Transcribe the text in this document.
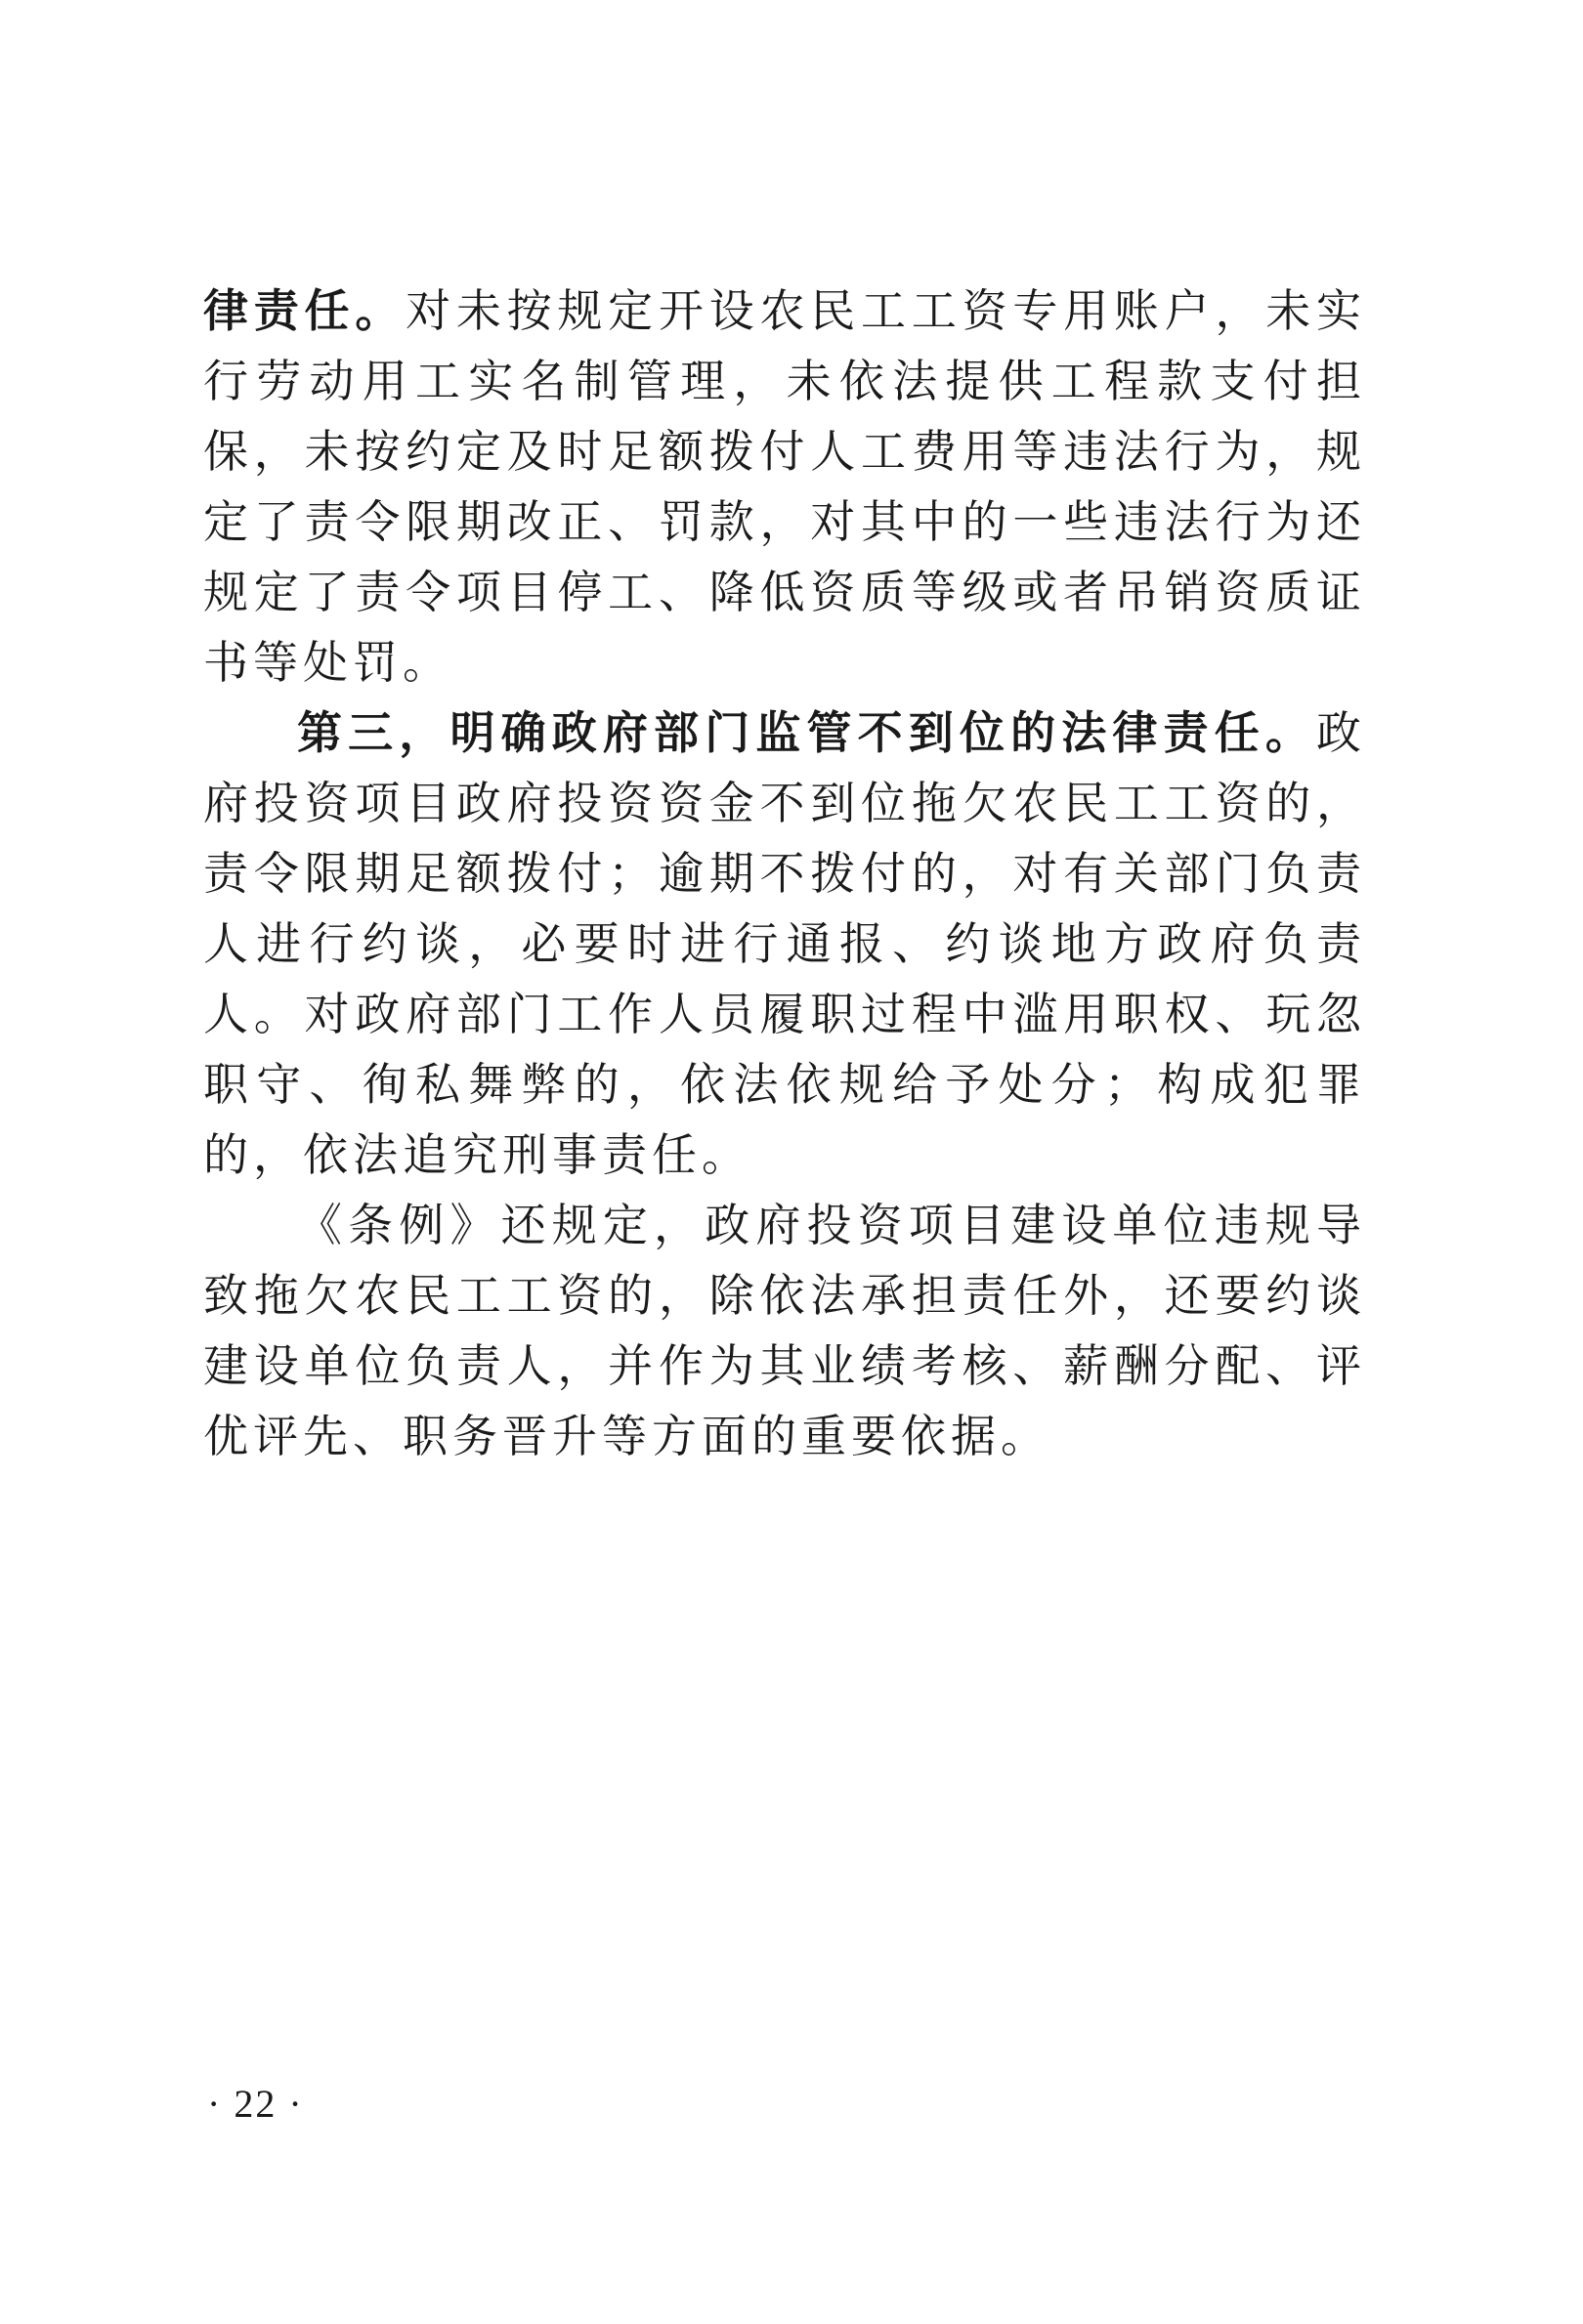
律责任。对未按规定开设农民工工资专用账户，未实行劳动用工实名制管理，未依法提供工程款支付担保，未按约定及时足额拨付人工费用等违法行为，规定了责令限期改正、罚款，对其中的一些违法行为还规定了责令项目停工、降低资质等级或者吊销资质证书等处罚。

第三，明确政府部门监管不到位的法律责任。政府投资项目政府投资资金不到位拖欠农民工工资的，责令限期足额拨付；逾期不拨付的，对有关部门负责人进行约谈，必要时进行通报、约谈地方政府负责人。对政府部门工作人员履职过程中滥用职权、玩忽职守、徇私舞弊的，依法依规给予处分；构成犯罪的，依法追究刑事责任。

《条例》还规定，政府投资项目建设单位违规导致拖欠农民工工资的，除依法承担责任外，还要约谈建设单位负责人，并作为其业绩考核、薪酬分配、评优评先、职务晋升等方面的重要依据。

· 22 ·
